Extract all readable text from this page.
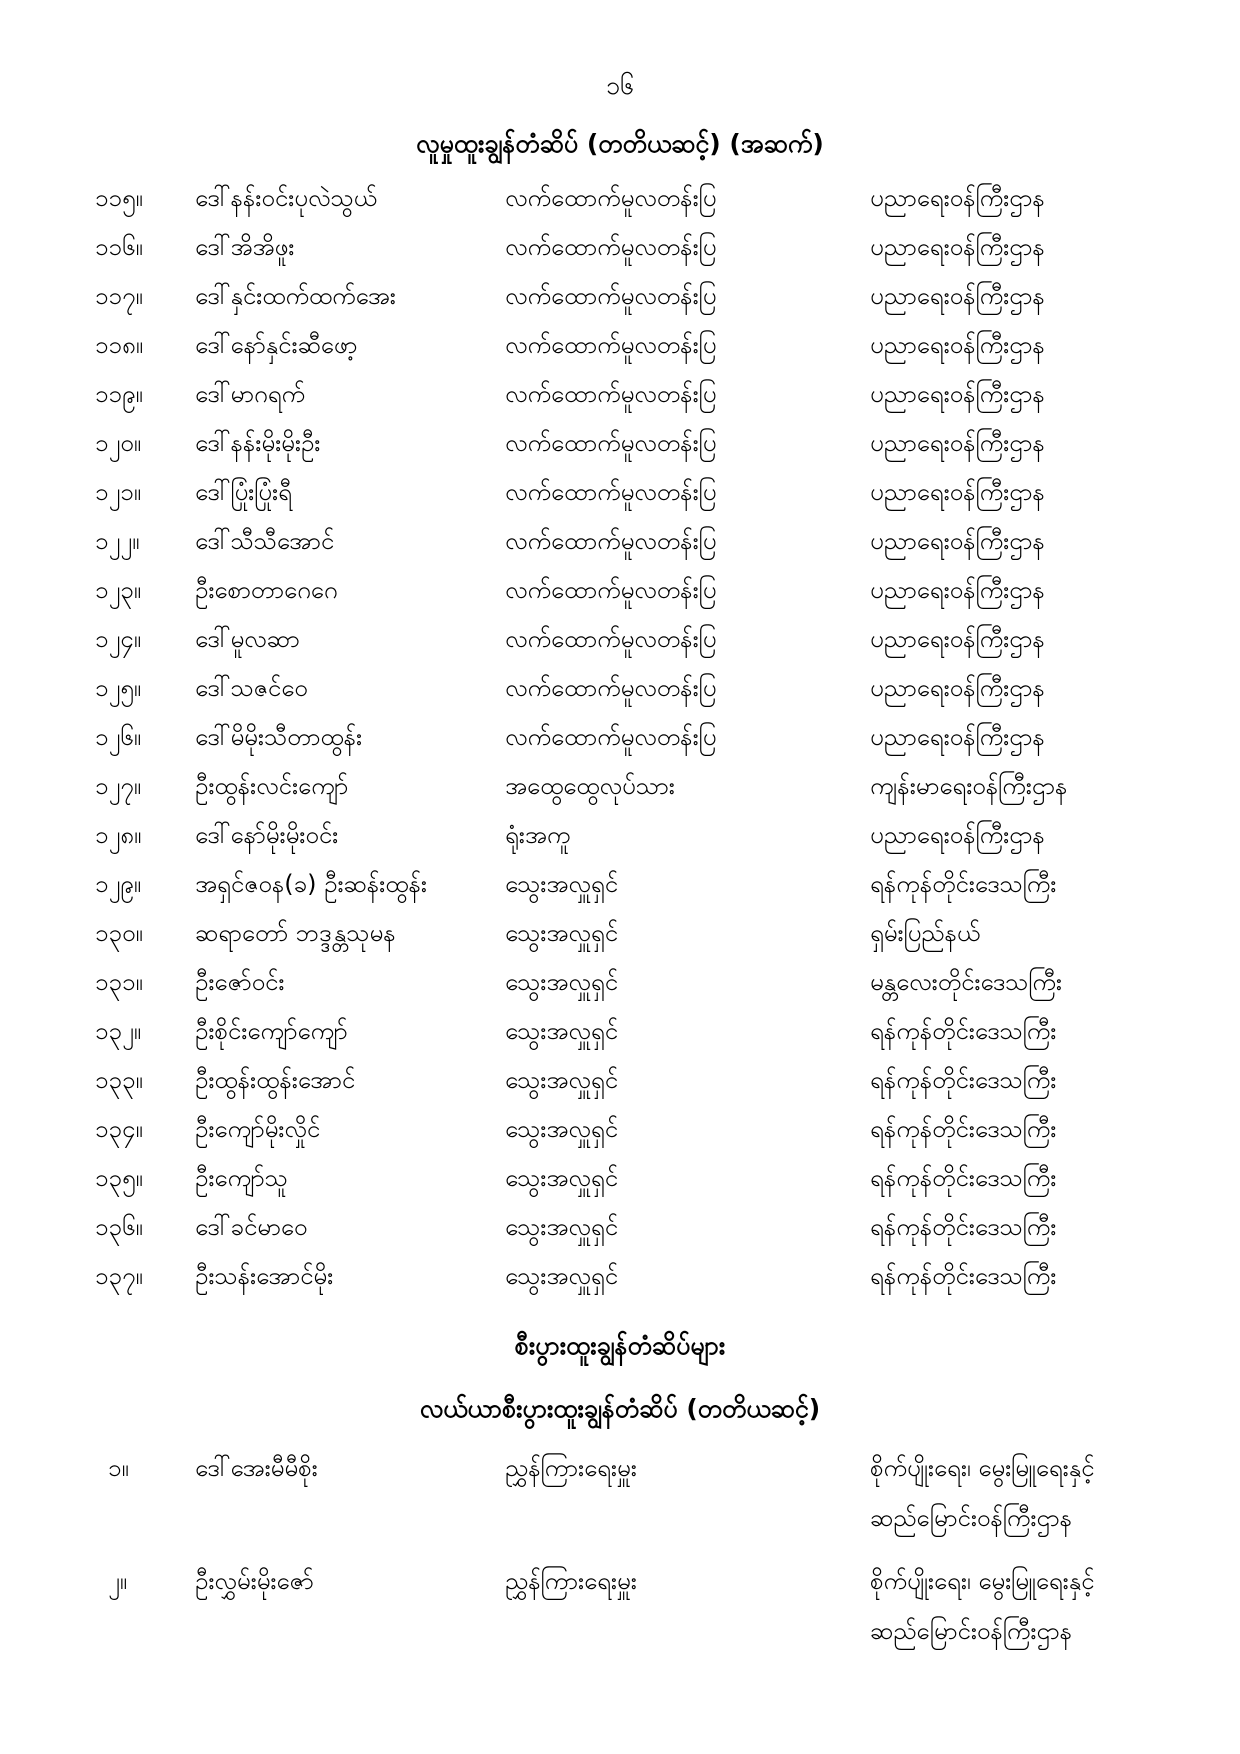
၁၆
လူမှုထူးချွန်တံဆိပ် (တတိယဆင့်) (အဆက်)
၁၁၅။ ဒေါ်နန်းဝင်းပုလဲသွယ်	လက်ထောက်မူလတန်းပြ	ပညာရေးဝန်ကြီးဌာန
၁၁၆။ ဒေါ်အိအိဖူး	လက်ထောက်မူလတန်းပြ	ပညာရေးဝန်ကြီးဌာန
၁၁၇။ ဒေါ်နှင်းထက်ထက်အေး	လက်ထောက်မူလတန်းပြ	ပညာရေးဝန်ကြီးဌာန
၁၁၈။ ဒေါ်နော်နှင်းဆီဖော့	လက်ထောက်မူလတန်းပြ	ပညာရေးဝန်ကြီးဌာန
၁၁၉။ ဒေါ်မာဂရက်	လက်ထောက်မူလတန်းပြ	ပညာရေးဝန်ကြီးဌာန
၁၂၀။ ဒေါ်နန်းမိုးမိုးဦး	လက်ထောက်မူလတန်းပြ	ပညာရေးဝန်ကြီးဌာန
၁၂၁။ ဒေါ်ပြုံးပြုံးရီ	လက်ထောက်မူလတန်းပြ	ပညာရေးဝန်ကြီးဌာန
၁၂၂။ ဒေါ်သီသီအောင်	လက်ထောက်မူလတန်းပြ	ပညာရေးဝန်ကြီးဌာန
၁၂၃။ ဦးစောတာဂေဂေ	လက်ထောက်မူလတန်းပြ	ပညာရေးဝန်ကြီးဌာန
၁၂၄။ ဒေါ်မူလဆာ	လက်ထောက်မူလတန်းပြ	ပညာရေးဝန်ကြီးဌာန
၁၂၅။ ဒေါ်သဇင်ဝေ	လက်ထောက်မူလတန်းပြ	ပညာရေးဝန်ကြီးဌာန
၁၂၆။ ဒေါ်မိမိုးသီတာထွန်း	လက်ထောက်မူလတန်းပြ	ပညာရေးဝန်ကြီးဌာန
၁၂၇။ ဦးထွန်းလင်းကျော်	အထွေထွေလုပ်သား	ကျန်းမာရေးဝန်ကြီးဌာန
၁၂၈။ ဒေါ်နော်မိုးမိုးဝင်း	ရုံးအကူ	ပညာရေးဝန်ကြီးဌာန
၁၂၉။ အရှင်ဇဝန(ခ) ဦးဆန်းထွန်း	သွေးအလှူရှင်	ရန်ကုန်တိုင်းဒေသကြီး
၁၃၀။ ဆရာတော် ဘဒ္ဒန္တသုမန	သွေးအလှူရှင်	ရှမ်းပြည်နယ်
၁၃၁။ ဦးဇော်ဝင်း	သွေးအလှူရှင်	မန္တလေးတိုင်းဒေသကြီး
၁၃၂။ ဦးစိုင်းကျော်ကျော်	သွေးအလှူရှင်	ရန်ကုန်တိုင်းဒေသကြီး
၁၃၃။ ဦးထွန်းထွန်းအောင်	သွေးအလှူရှင်	ရန်ကုန်တိုင်းဒေသကြီး
၁၃၄။ ဦးကျော်မိုးလှိုင်	သွေးအလှူရှင်	ရန်ကုန်တိုင်းဒေသကြီး
၁၃၅။ ဦးကျော်သူ	သွေးအလှူရှင်	ရန်ကုန်တိုင်းဒေသကြီး
၁၃၆။ ဒေါ်ခင်မာဝေ	သွေးအလှူရှင်	ရန်ကုန်တိုင်းဒေသကြီး
၁၃၇။ ဦးသန်းအောင်မိုး	သွေးအလှူရှင်	ရန်ကုန်တိုင်းဒေသကြီး
စီးပွားထူးချွန်တံဆိပ်များ
လယ်ယာစီးပွားထူးချွန်တံဆိပ် (တတိယဆင့်)
၁။	ဒေါ်အေးမီမီစိုး	ညွှန်ကြားရေးမှူး	စိုက်ပျိုးရေး၊ မွေးမြူရေးနှင့်
ဆည်မြောင်းဝန်ကြီးဌာန
၂။	ဦးလွှမ်းမိုးဇော်	ညွှန်ကြားရေးမှူး	စိုက်ပျိုးရေး၊ မွေးမြူရေးနှင့်
ဆည်မြောင်းဝန်ကြီးဌာန
